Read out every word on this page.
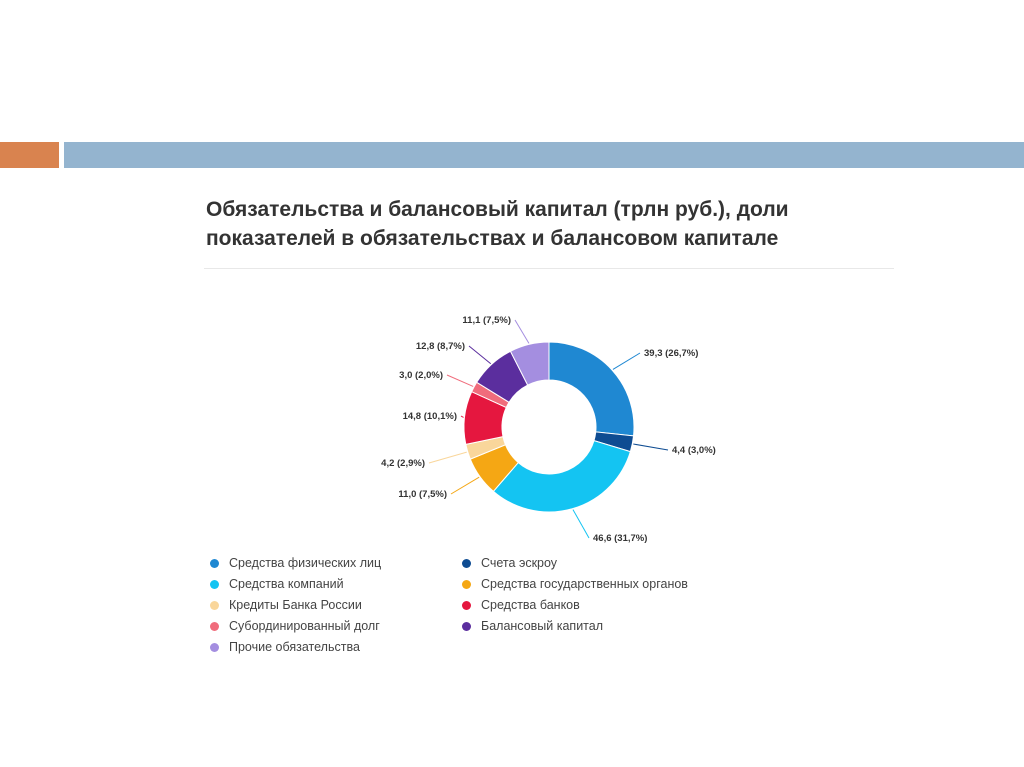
Обязательства и балансовый капитал (трлн руб.), доли
показателей в обязательствах и балансовом капитале
39,3 (26,7%)
4,4 (3,0%)
46,6 (31,7%)
11,0 (7,5%)
4,2 (2,9%)
14,8 (10,1%)
3,0 (2,0%)
12,8 (8,7%)
11,1 (7,5%)
Средства физических лиц	Счета эскроу
Средства компаний	Средства государственных органов
Кредиты Банка России	Средства банков
Субординированный долг	Балансовый капитал
Прочие обязательства
